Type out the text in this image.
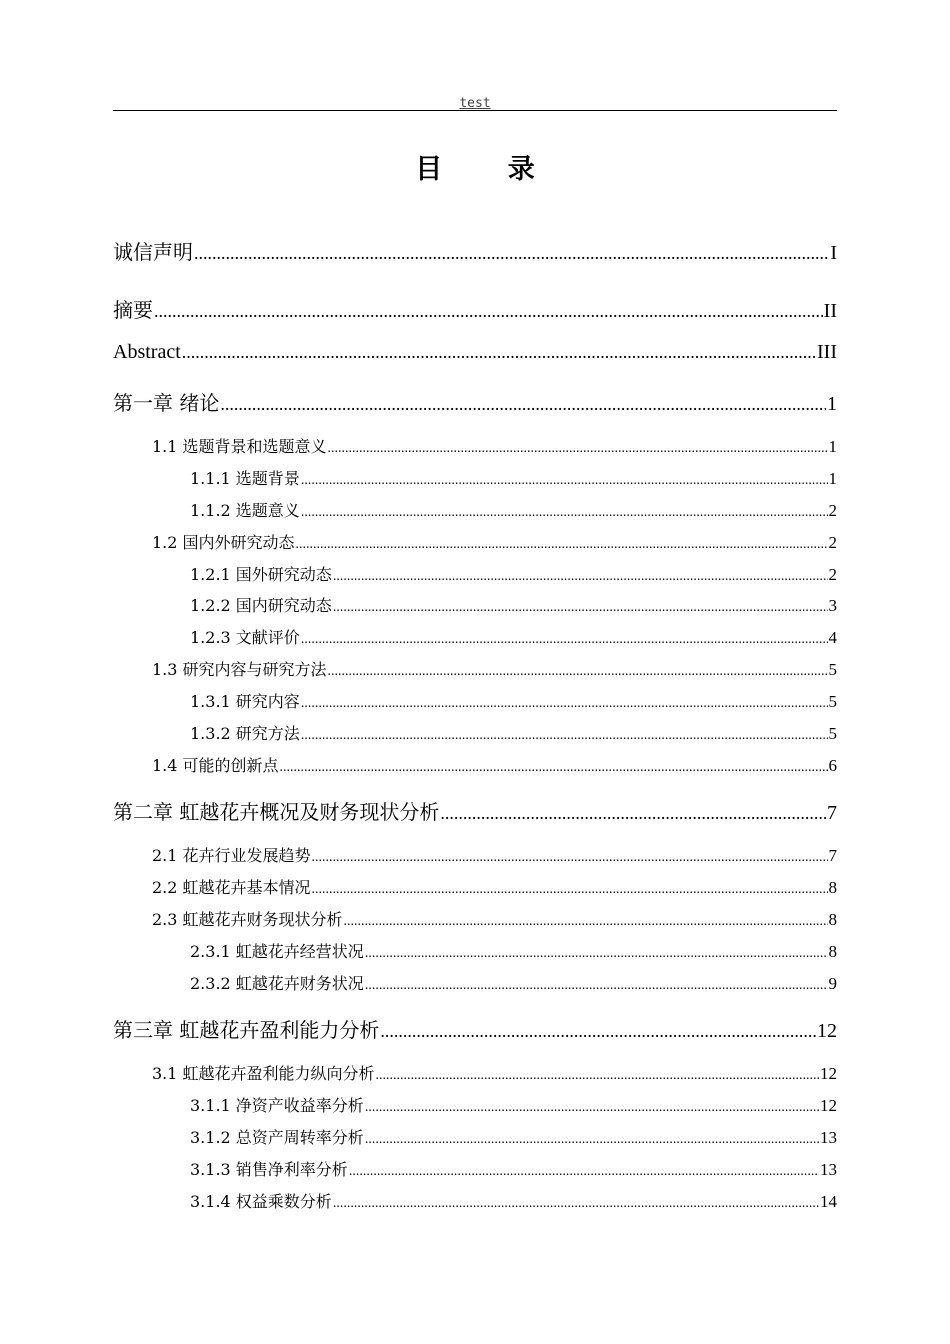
test
目 录
诚信声明 .....	I
摘要 .....	II
Abstract .....	III
第一章 绪论 .....	1
1.1 选题背景和选题意义 .....	1
1.1.1 选题背景 .....	1
1.1.2 选题意义 .....	2
1.2 国内外研究动态 .....	2
1.2.1 国外研究动态 .....	2
1.2.2 国内研究动态 .....	3
1.2.3 文献评价 .....	4
1.3 研究内容与研究方法 .....	5
1.3.1 研究内容 .....	5
1.3.2 研究方法 .....	5
1.4 可能的创新点 .....	6
第二章 虹越花卉概况及财务现状分析 .....	7
2.1 花卉行业发展趋势 .....	7
2.2 虹越花卉基本情况 .....	8
2.3 虹越花卉财务现状分析 .....	8
2.3.1 虹越花卉经营状况 .....	8
2.3.2 虹越花卉财务状况 .....	9
第三章 虹越花卉盈利能力分析 .....	12
3.1 虹越花卉盈利能力纵向分析 .....	12
3.1.1 净资产收益率分析 .....	12
3.1.2 总资产周转率分析 .....	13
3.1.3 销售净利率分析 .....	13
3.1.4 权益乘数分析 .....	14
